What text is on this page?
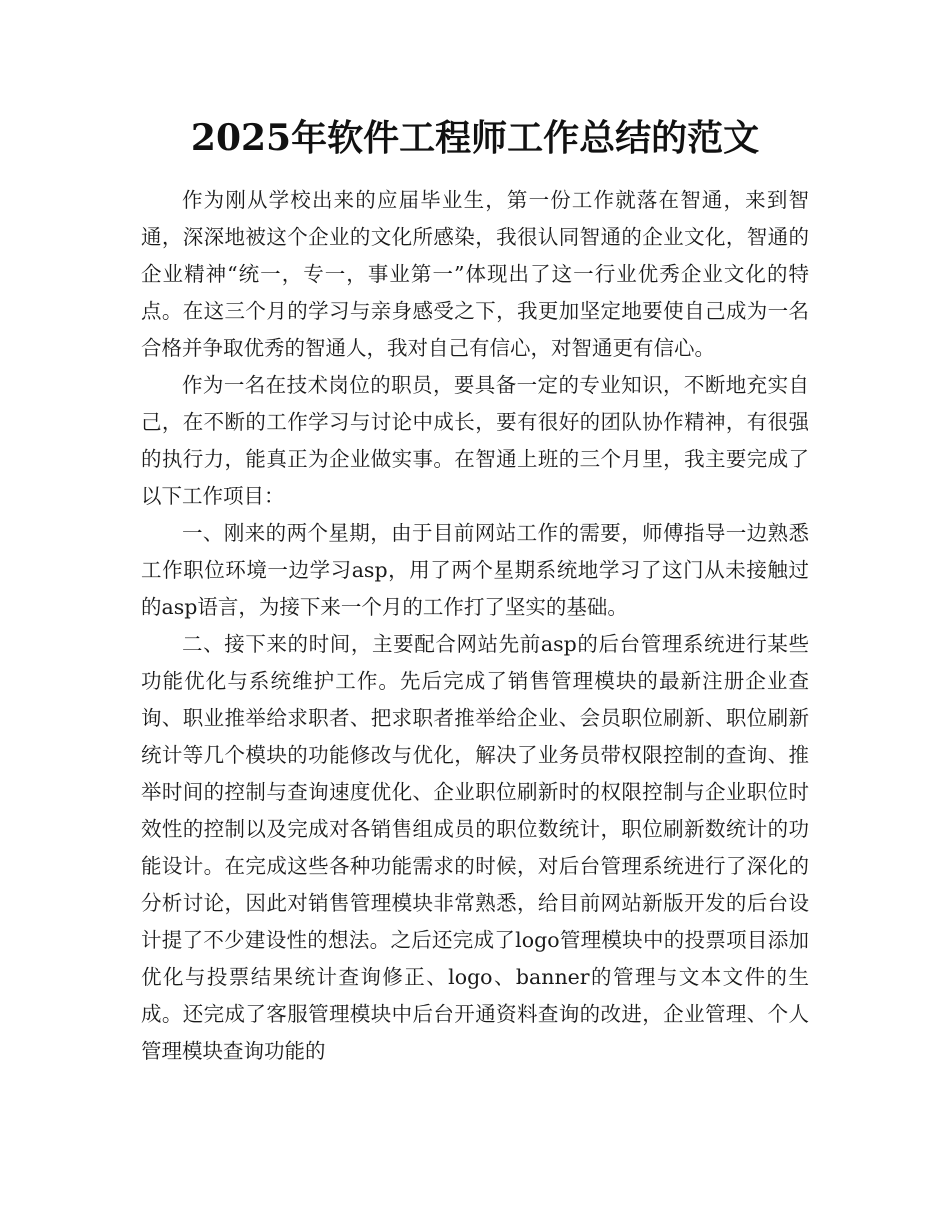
2025年软件工程师工作总结的范文

作为刚从学校出来的应届毕业生，第一份工作就落在智通，来到智通，深深地被这个企业的文化所感染，我很认同智通的企业文化，智通的企业精神“统一，专一，事业第一”体现出了这一行业优秀企业文化的特点。在这三个月的学习与亲身感受之下，我更加坚定地要使自己成为一名合格并争取优秀的智通人，我对自己有信心，对智通更有信心。

作为一名在技术岗位的职员，要具备一定的专业知识，不断地充实自己，在不断的工作学习与讨论中成长，要有很好的团队协作精神，有很强的执行力，能真正为企业做实事。在智通上班的三个月里，我主要完成了以下工作项目：

一、刚来的两个星期，由于目前网站工作的需要，师傅指导一边熟悉工作职位环境一边学习asp，用了两个星期系统地学习了这门从未接触过的asp语言，为接下来一个月的工作打了坚实的基础。

二、接下来的时间，主要配合网站先前asp的后台管理系统进行某些功能优化与系统维护工作。先后完成了销售管理模块的最新注册企业查询、职业推举给求职者、把求职者推举给企业、会员职位刷新、职位刷新统计等几个模块的功能修改与优化，解决了业务员带权限控制的查询、推举时间的控制与查询速度优化、企业职位刷新时的权限控制与企业职位时效性的控制以及完成对各销售组成员的职位数统计，职位刷新数统计的功能设计。在完成这些各种功能需求的时候，对后台管理系统进行了深化的分析讨论，因此对销售管理模块非常熟悉，给目前网站新版开发的后台设计提了不少建设性的想法。之后还完成了logo管理模块中的投票项目添加优化与投票结果统计查询修正、logo、banner的管理与文本文件的生成。还完成了客服管理模块中后台开通资料查询的改进，企业管理、个人管理模块查询功能的
